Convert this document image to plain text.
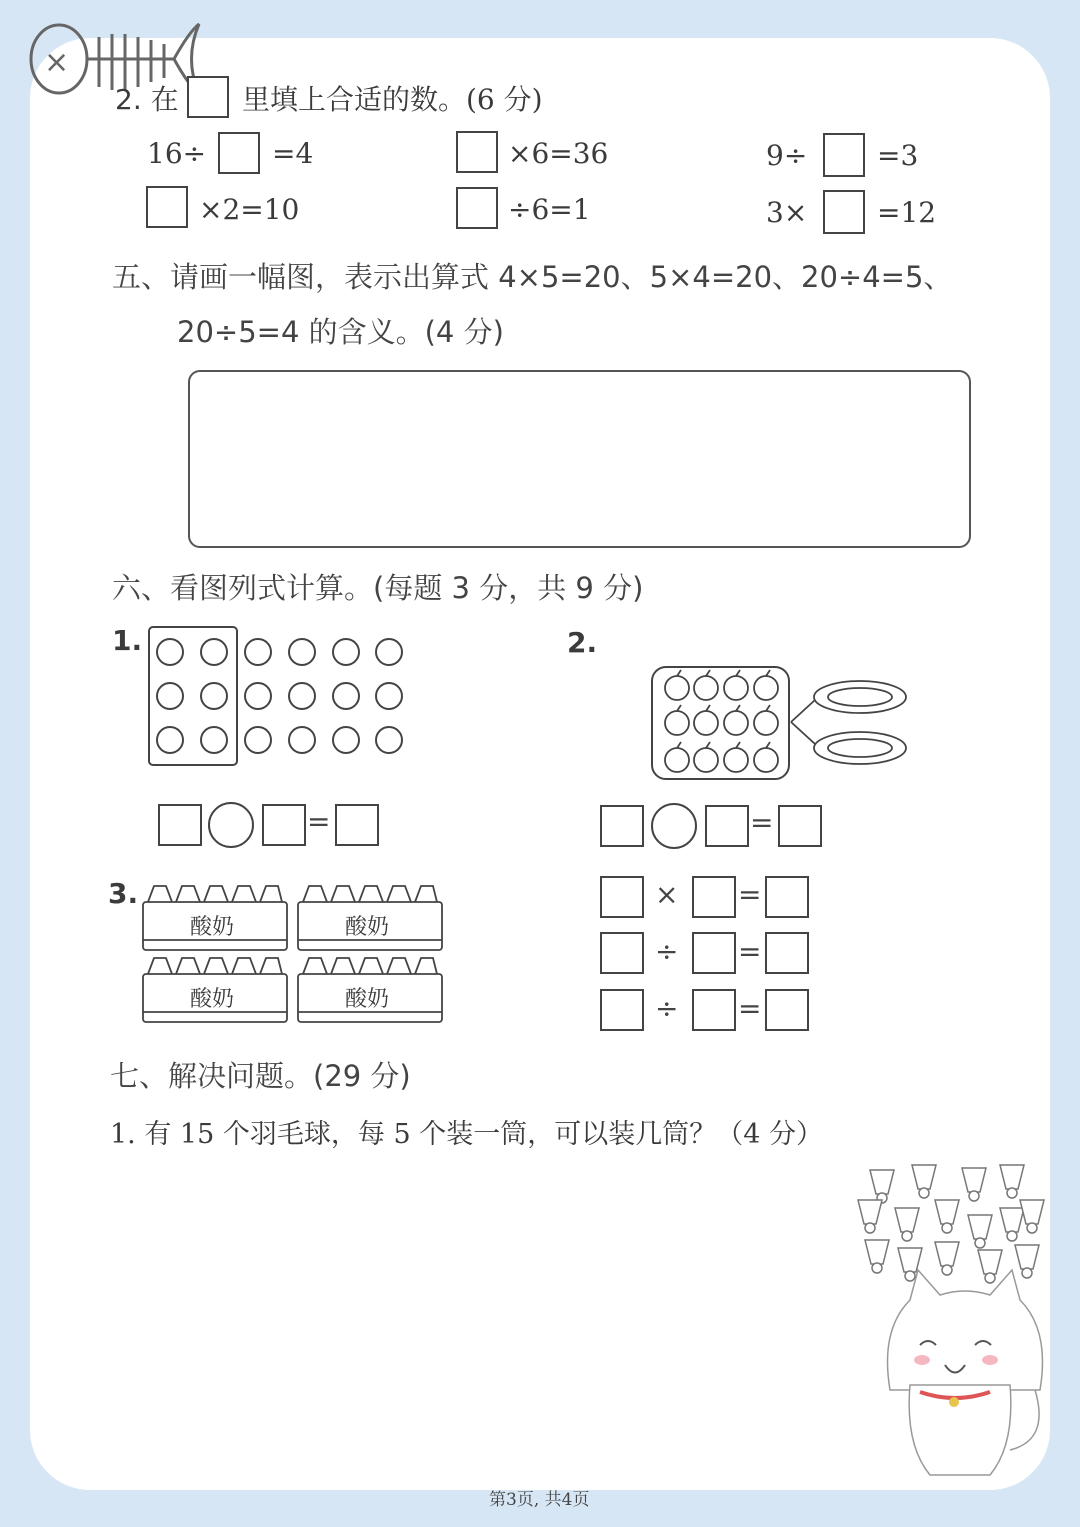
×
2. 在 里填上合适的数。(6 分)
16÷ =4	×6=36	9÷ =3
×2=10	÷6=1	3× =12
五、请画一幅图，表示出算式 4×5=20、5×4=20、20÷4=5、
20÷5=4 的含义。(4 分)
六、看图列式计算。(每题 3 分，共 9 分)
1.
=
2.
=
3.
酸奶	酸奶
酸奶	酸奶
× =
÷ =
÷ =
七、解决问题。(29 分)
1. 有 15 个羽毛球，每 5 个装一筒，可以装几筒？（4 分）
第3页, 共4页
